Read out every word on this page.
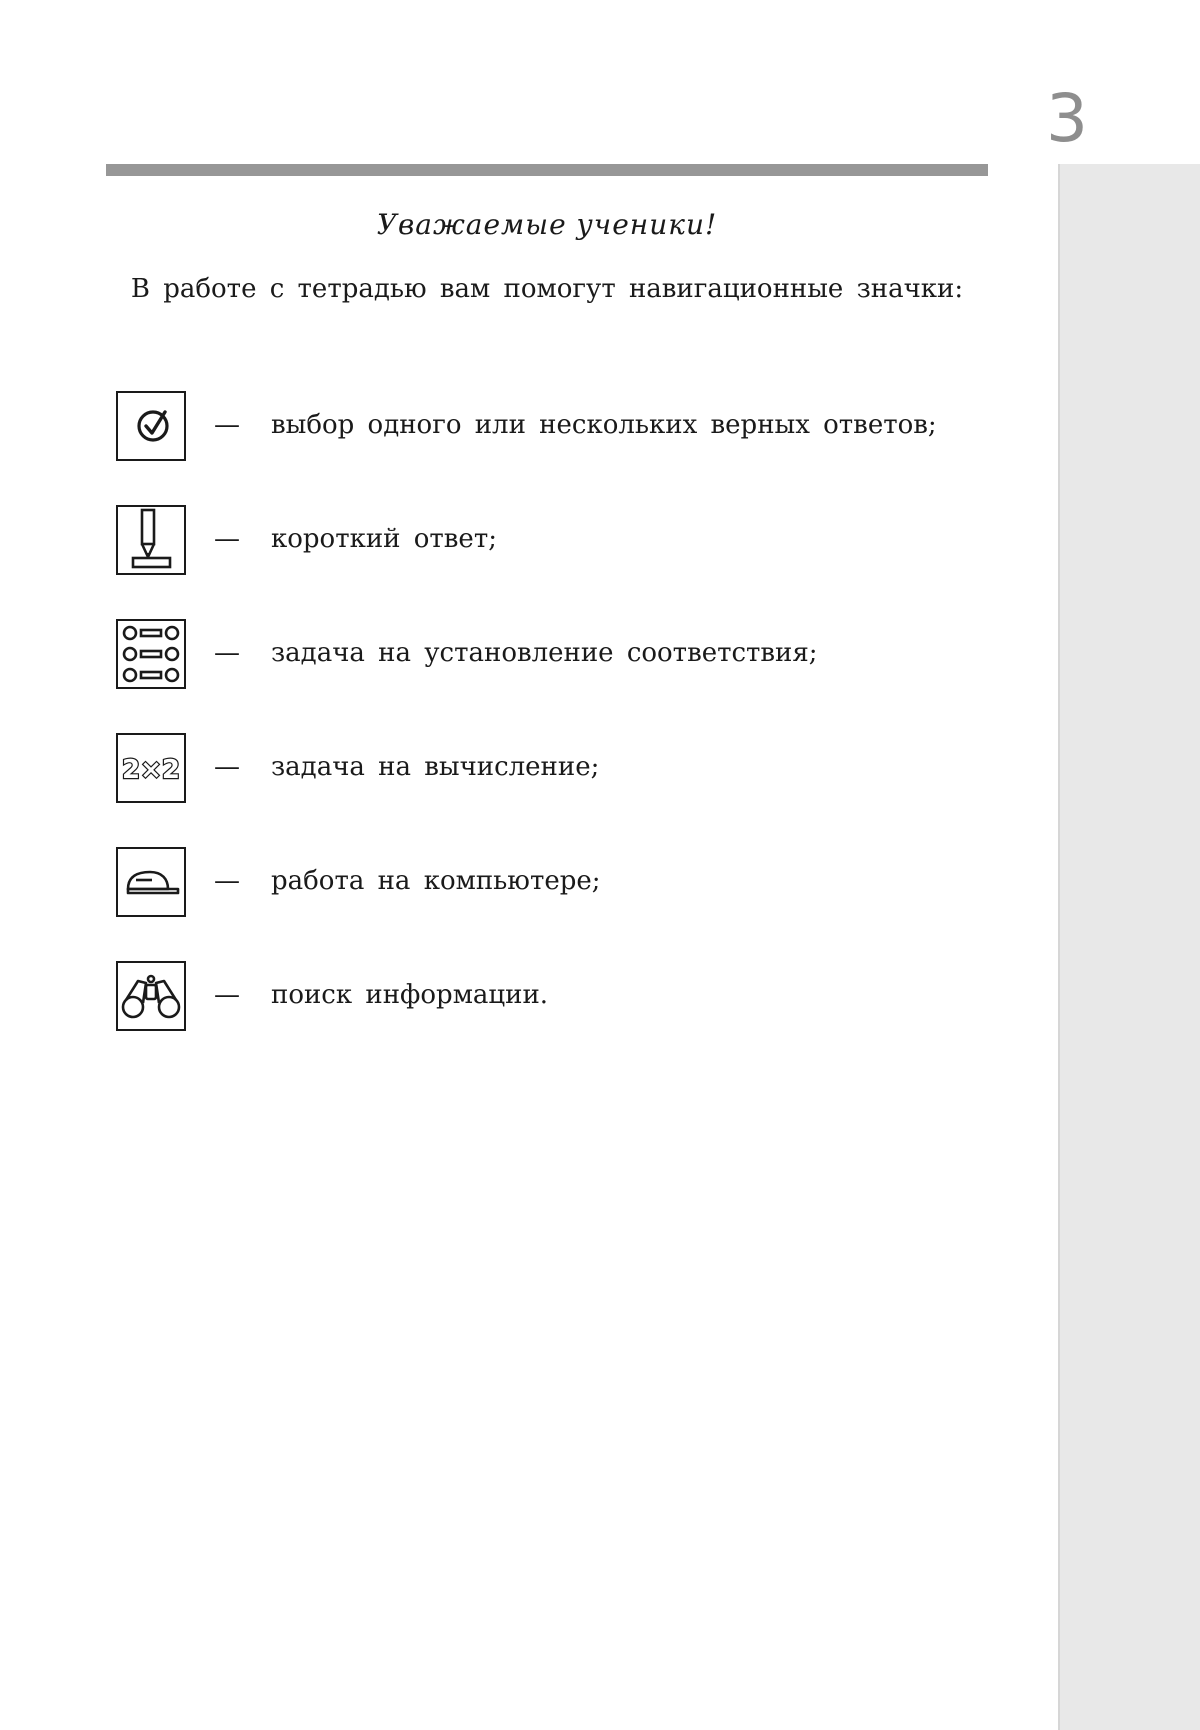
3
Уважаемые ученики!
В работе с тетрадью вам помогут навигационные значки:
— выбор одного или нескольких верных ответов;
— короткий ответ;
— задача на установление соответствия;
2×2 — задача на вычисление;
— работа на компьютере;
— поиск информации.
